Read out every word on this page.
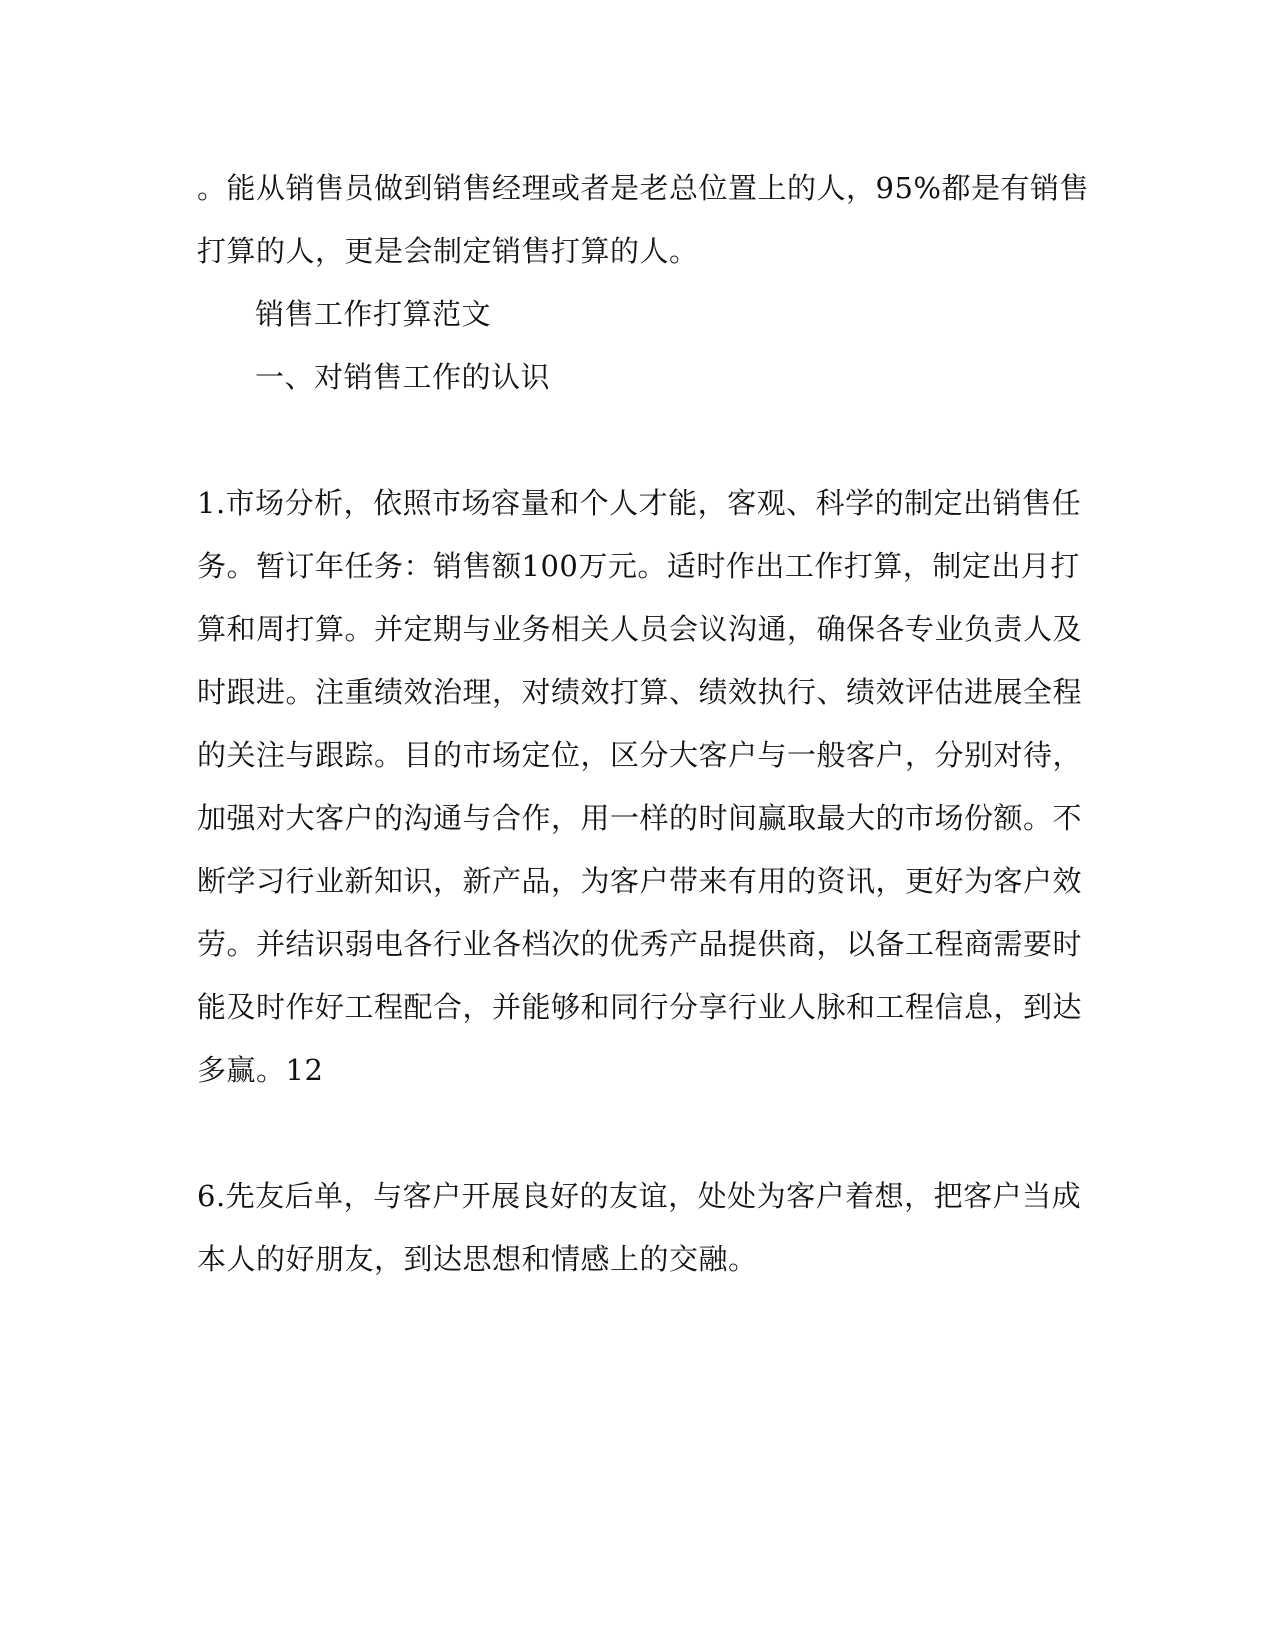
。能从销售员做到销售经理或者是老总位置上的人，95%都是有销售
打算的人，更是会制定销售打算的人。
销售工作打算范文
一、对销售工作的认识
1.市场分析，依照市场容量和个人才能，客观、科学的制定出销售任
务。暂订年任务：销售额100万元。适时作出工作打算，制定出月打
算和周打算。并定期与业务相关人员会议沟通，确保各专业负责人及
时跟进。注重绩效治理，对绩效打算、绩效执行、绩效评估进展全程
的关注与跟踪。目的市场定位，区分大客户与一般客户，分别对待，
加强对大客户的沟通与合作，用一样的时间赢取最大的市场份额。不
断学习行业新知识，新产品，为客户带来有用的资讯，更好为客户效
劳。并结识弱电各行业各档次的优秀产品提供商，以备工程商需要时
能及时作好工程配合，并能够和同行分享行业人脉和工程信息，到达
多赢。12
6.先友后单，与客户开展良好的友谊，处处为客户着想，把客户当成
本人的好朋友，到达思想和情感上的交融。
